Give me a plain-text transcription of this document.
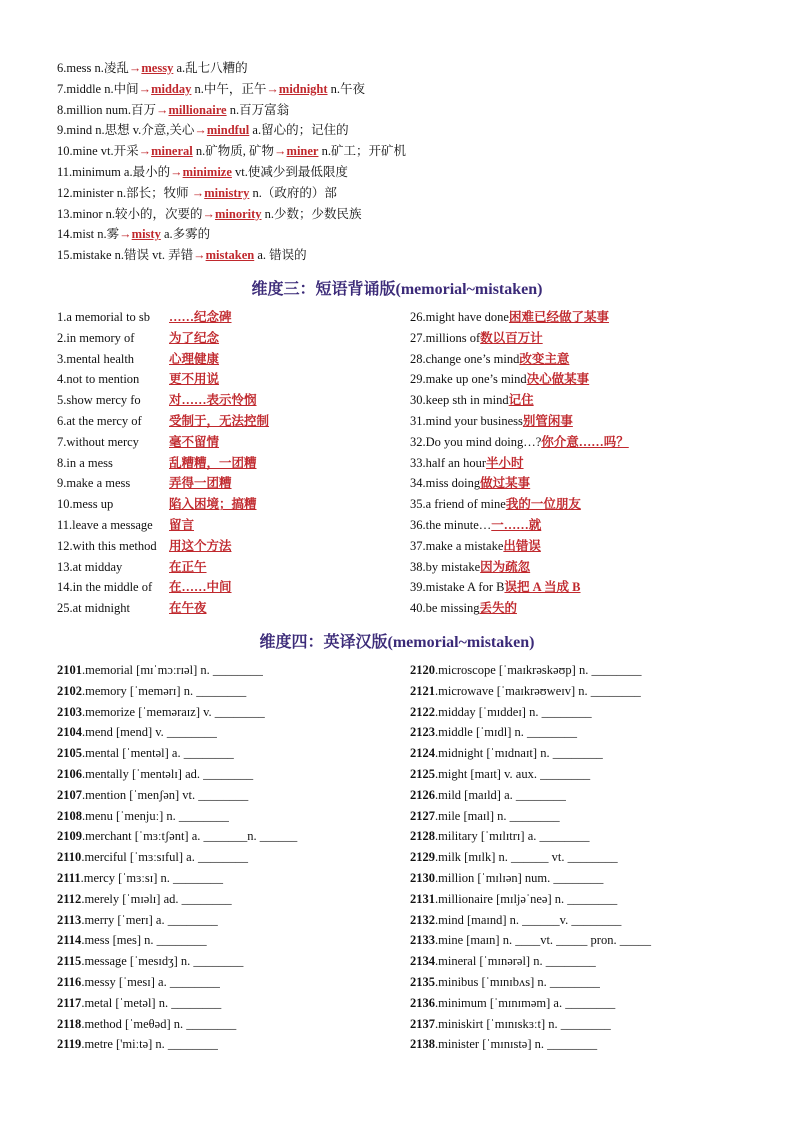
6.mess n.凌乱→messy a.乱七八糟的
7.middle n.中间→midday n.中午，正午→midnight n.午夜
8.million num.百万→millionaire n.百万富翁
9.mind n.思想 v.介意,关心→mindful a.留心的；记住的
10.mine vt.开采→mineral n.矿物质, 矿物→miner n.矿工；开矿机
11.minimum a.最小的→minimize vt.使减少到最低限度
12.minister n.部长；牧师 →ministry n.（政府的）部
13.minor n.较小的，次要的→minority n.少数；少数民族
14.mist n.雾→misty a.多雾的
15.mistake n.错误 vt. 弄错→mistaken a. 错误的
维度三：短语背诵版(memorial~mistaken)
1.a memorial to sb ……纪念碑
2.in memory of	为了纪念
3.mental health	心理健康
4.not to mention 更不用说
5.show mercy fo 对……表示怜悯
6.at the mercy of 受制于，无法控制
7.without mercy 毫不留情
8.in a mess	乱糟糟，一团糟
9.make a mess	弄得一团糟
10.mess up	陷入困境；搞糟
11.leave a message 留言
12.with this method 用这个方法
13.at midday	在正午
14.in the middle of 在……中间
25.at midnight	在午夜
26.might have done困难已经做了某事
27.millions of数以百万计
28.change one’s mind改变主意
29.make up one’s mind决心做某事
30.keep sth in mind记住
31.mind your business别管闲事
32.Do you mind doing…?你介意……吗？
33.half an hour半小时
34.miss doing做过某事
35.a friend of mine我的一位朋友
36.the minute…一……就
37.make a mistake出错误
38.by mistake因为疏忽
39.mistake A for B误把 A 当成 B
40.be missing丢失的
维度四：英译汉版(memorial~mistaken)
2101.memorial [mɪˈmɔːrɪəl] n. ________
2102.memory [ˈmemərɪ] n. ________
2103.memorize [ˈmeməraɪz] v. ________
2104.mend [mend] v. ________
2105.mental [ˈmentəl] a. ________
2106.mentally [ˈmentəlɪ] ad. ________
2107.mention [ˈmenʃən] vt. ________
2108.menu [ˈmenjuː] n. ________
2109.merchant [ˈmɜːtʃənt] a. _______n. ______
2110.merciful [ˈmɜːsɪful] a. ________
2111.mercy [ˈmɜːsɪ] n. ________
2112.merely [ˈmɪəlɪ] ad. ________
2113.merry [ˈmerɪ] a. ________
2114.mess [mes] n. ________
2115.message [ˈmesɪdʒ] n. ________
2116.messy [ˈmesɪ] a. ________
2117.metal [ˈmetəl] n. ________
2118.method [ˈmeθəd] n. ________
2119.metre ['miːtə] n. ________
2120.microscope [ˈmaɪkrəskəʊp] n. ________
2121.microwave [ˈmaɪkrəʊweɪv] n. ________
2122.midday [ˈmɪddeɪ] n. ________
2123.middle [ˈmɪdl] n. ________
2124.midnight [ˈmɪdnaɪt] n. ________
2125.might [maɪt] v. aux. ________
2126.mild [maɪld] a. ________
2127.mile [maɪl] n. ________
2128.military [ˈmɪlɪtrɪ] a. ________
2129.milk [mɪlk] n. ______ vt. ________
2130.million [ˈmɪlɪən] num. ________
2131.millionaire [mɪljəˈneə] n. ________
2132.mind [maɪnd] n. ______v. ________
2133.mine [maɪn] n. ____vt. _____ pron. _____
2134.mineral [ˈmɪnərəl] n. ________
2135.minibus [ˈmɪnɪbʌs] n. ________
2136.minimum [ˈmɪnɪməm] a. ________
2137.miniskirt [ˈmɪnɪskɜːt] n. ________
2138.minister [ˈmɪnɪstə] n. ________
